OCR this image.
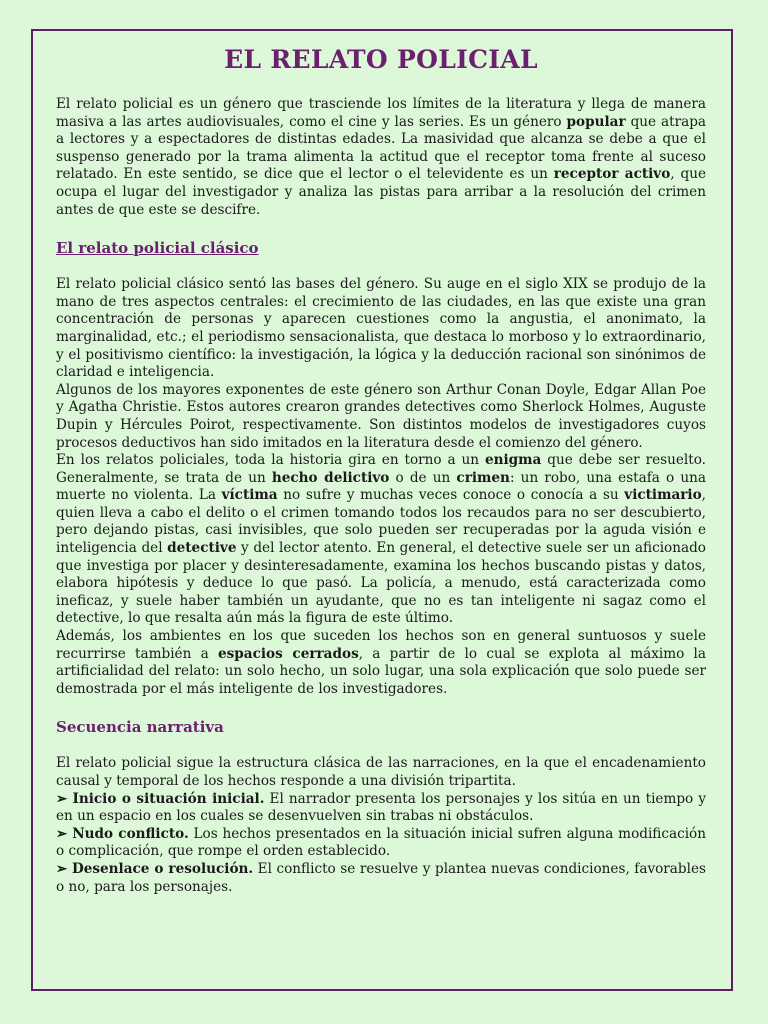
EL RELATO POLICIAL

El relato policial es un género que trasciende los límites de la literatura y llega de manera masiva a las artes audiovisuales, como el cine y las series. Es un género popular que atrapa a lectores y a espectadores de distintas edades. La masividad que alcanza se debe a que el suspenso generado por la trama alimenta la actitud que el receptor toma frente al suceso relatado. En este sentido, se dice que el lector o el televidente es un receptor activo, que ocupa el lugar del investigador y analiza las pistas para arribar a la resolución del crimen antes de que este se descifre.

El relato policial clásico

El relato policial clásico sentó las bases del género. Su auge en el siglo XIX se produjo de la mano de tres aspectos centrales: el crecimiento de las ciudades, en las que existe una gran concentración de personas y aparecen cuestiones como la angustia, el anonimato, la marginalidad, etc.; el periodismo sensacionalista, que destaca lo morboso y lo extraordinario, y el positivismo científico: la investigación, la lógica y la deducción racional son sinónimos de claridad e inteligencia.

Algunos de los mayores exponentes de este género son Arthur Conan Doyle, Edgar Allan Poe y Agatha Christie. Estos autores crearon grandes detectives como Sherlock Holmes, Auguste Dupin y Hércules Poirot, respectivamente. Son distintos modelos de investigadores cuyos procesos deductivos han sido imitados en la literatura desde el comienzo del género.

En los relatos policiales, toda la historia gira en torno a un enigma que debe ser resuelto. Generalmente, se trata de un hecho delictivo o de un crimen: un robo, una estafa o una muerte no violenta. La víctima no sufre y muchas veces conoce o conocía a su victimario, quien lleva a cabo el delito o el crimen tomando todos los recaudos para no ser descubierto, pero dejando pistas, casi invisibles, que solo pueden ser recuperadas por la aguda visión e inteligencia del detective y del lector atento. En general, el detective suele ser un aficionado que investiga por placer y desinteresadamente, examina los hechos buscando pistas y datos, elabora hipótesis y deduce lo que pasó. La policía, a menudo, está caracterizada como ineficaz, y suele haber también un ayudante, que no es tan inteligente ni sagaz como el detective, lo que resalta aún más la figura de este último.

Además, los ambientes en los que suceden los hechos son en general suntuosos y suele recurrirse también a espacios cerrados, a partir de lo cual se explota al máximo la artificialidad del relato: un solo hecho, un solo lugar, una sola explicación que solo puede ser demostrada por el más inteligente de los investigadores.

Secuencia narrativa

El relato policial sigue la estructura clásica de las narraciones, en la que el encadenamiento causal y temporal de los hechos responde a una división tripartita.

➢ Inicio o situación inicial. El narrador presenta los personajes y los sitúa en un tiempo y en un espacio en los cuales se desenvuelven sin trabas ni obstáculos.

➢ Nudo conflicto. Los hechos presentados en la situación inicial sufren alguna modificación o complicación, que rompe el orden establecido.

➢ Desenlace o resolución. El conflicto se resuelve y plantea nuevas condiciones, favorables o no, para los personajes.
